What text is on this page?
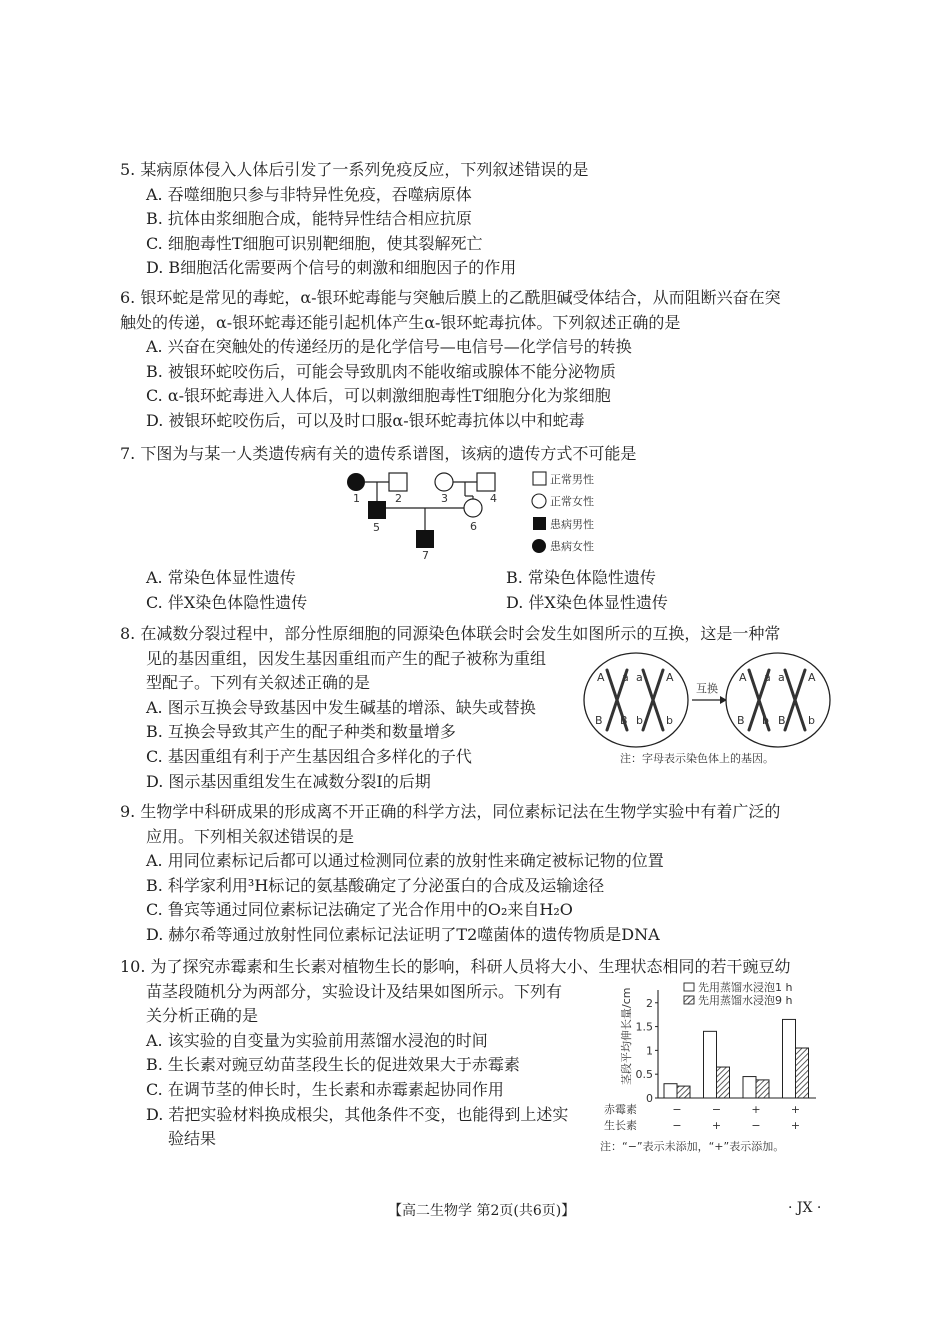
5. 某病原体侵入人体后引发了一系列免疫反应，下列叙述错误的是
A. 吞噬细胞只参与非特异性免疫，吞噬病原体
B. 抗体由浆细胞合成，能特异性结合相应抗原
C. 细胞毒性T细胞可识别靶细胞，使其裂解死亡
D. B细胞活化需要两个信号的刺激和细胞因子的作用
6. 银环蛇是常见的毒蛇，α-银环蛇毒能与突触后膜上的乙酰胆碱受体结合，从而阻断兴奋在突
触处的传递，α-银环蛇毒还能引起机体产生α-银环蛇毒抗体。下列叙述正确的是
A. 兴奋在突触处的传递经历的是化学信号—电信号—化学信号的转换
B. 被银环蛇咬伤后，可能会导致肌肉不能收缩或腺体不能分泌物质
C. α-银环蛇毒进入人体后，可以刺激细胞毒性T细胞分化为浆细胞
D. 被银环蛇咬伤后，可以及时口服α-银环蛇毒抗体以中和蛇毒
7. 下图为与某一人类遗传病有关的遗传系谱图，该病的遗传方式不可能是
1	2	3	4
5	6
7
正常男性
正常女性
患病男性
患病女性
A. 常染色体显性遗传	B. 常染色体隐性遗传
C. 伴X染色体隐性遗传	D. 伴X染色体显性遗传
8. 在减数分裂过程中，部分性原细胞的同源染色体联会时会发生如图所示的互换，这是一种常
见的基因重组，因发生基因重组而产生的配子被称为重组
型配子。下列有关叙述正确的是
A. 图示互换会导致基因中发生碱基的增添、缺失或替换
B. 互换会导致其产生的配子种类和数量增多
C. 基因重组有利于产生基因组合多样化的子代
D. 图示基因重组发生在减数分裂Ⅰ的后期
A a a A
B B b b
互换
A a a A
B b B b
注：字母表示染色体上的基因。
9. 生物学中科研成果的形成离不开正确的科学方法，同位素标记法在生物学实验中有着广泛的
应用。下列相关叙述错误的是
A. 用同位素标记后都可以通过检测同位素的放射性来确定被标记物的位置
B. 科学家利用³H标记的氨基酸确定了分泌蛋白的合成及运输途径
C. 鲁宾等通过同位素标记法确定了光合作用中的O₂来自H₂O
D. 赫尔希等通过放射性同位素标记法证明了T2噬菌体的遗传物质是DNA
10. 为了探究赤霉素和生长素对植物生长的影响，科研人员将大小、生理状态相同的若干豌豆幼
苗茎段随机分为两部分，实验设计及结果如图所示。下列有
关分析正确的是
A. 该实验的自变量为实验前用蒸馏水浸泡的时间
B. 生长素对豌豆幼苗茎段生长的促进效果大于赤霉素
C. 在调节茎的伸长时，生长素和赤霉素起协同作用
D. 若把实验材料换成根尖，其他条件不变，也能得到上述实
验结果
茎段平均伸长量/cm
0
0.5
1
1.5
2
先用蒸馏水浸泡1 h
先用蒸馏水浸泡9 h
赤霉素
生长素
−
−
−
+
+
−
+
+
注：“−”表示未添加，“+”表示添加。
【高二生物学 第2页(共6页)】	· JX ·
